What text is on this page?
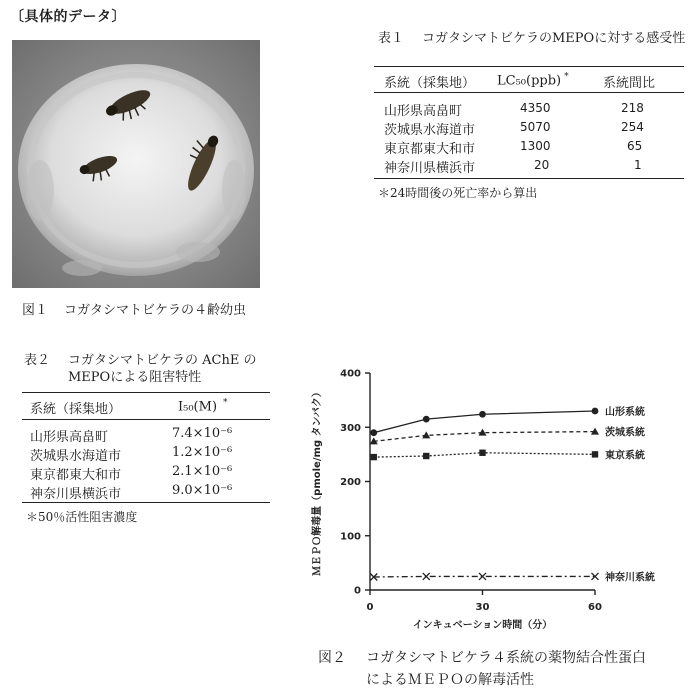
〔具体的データ〕
図１ コガタシマトビケラの４齢幼虫
表１ コガタシマトビケラのMEPOに対する感受性
系統（採集地） LC₅₀(ppb) *	系統間比
山形県高畠町	4350	218
茨城県水海道市	5070	254
東京都東大和市	1300	65
神奈川県横浜市	20	1
＊24時間後の死亡率から算出
表２ コガタシマトビケラの AChE の MEPOによる阻害特性
系統（採集地）	I₅₀(M) *
山形県高畠町	7.4×10⁻⁶
茨城県水海道市	1.2×10⁻⁶
東京都東大和市	2.1×10⁻⁶
神奈川県横浜市	9.0×10⁻⁶
＊50％活性阻害濃度
0
100
200
300
400
0	30	60
インキュベーション時間（分）
ＭＥＰＯ解毒量（pmole/mg タンパク）	山形系統
茨城系統
東京系統
神奈川系統
図２ コガタシマトビケラ４系統の薬物結合性蛋白
によるＭＥＰＯの解毒活性
